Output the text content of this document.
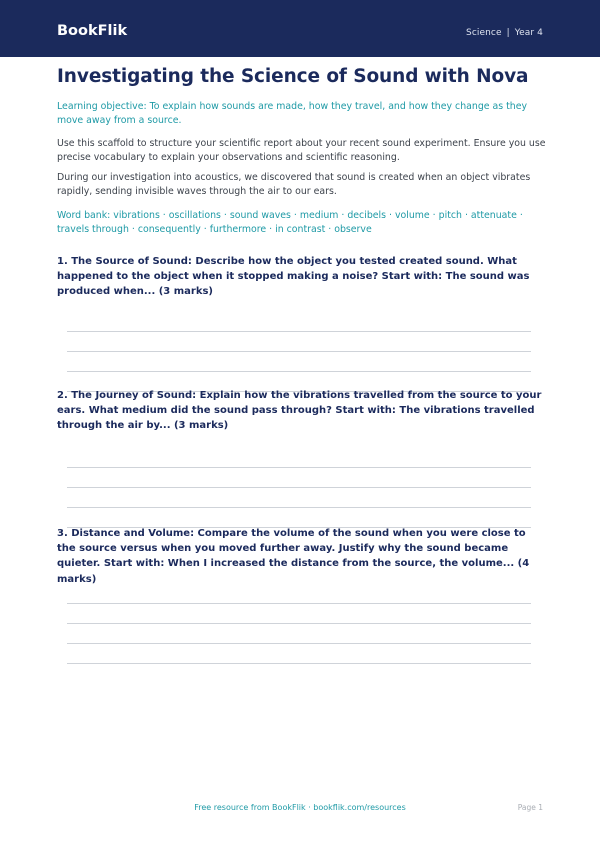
BookFlik	Science | Year 4
Investigating the Science of Sound with Nova
Learning objective: To explain how sounds are made, how they travel, and how they change as they move away from a source.
Use this scaffold to structure your scientific report about your recent sound experiment. Ensure you use precise vocabulary to explain your observations and scientific reasoning.
During our investigation into acoustics, we discovered that sound is created when an object vibrates rapidly, sending invisible waves through the air to our ears.
Word bank: vibrations · oscillations · sound waves · medium · decibels · volume · pitch · attenuate · travels through · consequently · furthermore · in contrast · observe
1. The Source of Sound: Describe how the object you tested created sound. What happened to the object when it stopped making a noise? Start with: The sound was produced when... (3 marks)
2. The Journey of Sound: Explain how the vibrations travelled from the source to your ears. What medium did the sound pass through? Start with: The vibrations travelled through the air by... (3 marks)
3. Distance and Volume: Compare the volume of the sound when you were close to the source versus when you moved further away. Justify why the sound became quieter. Start with: When I increased the distance from the source, the volume... (4 marks)
Free resource from BookFlik · bookflik.com/resources	Page 1
